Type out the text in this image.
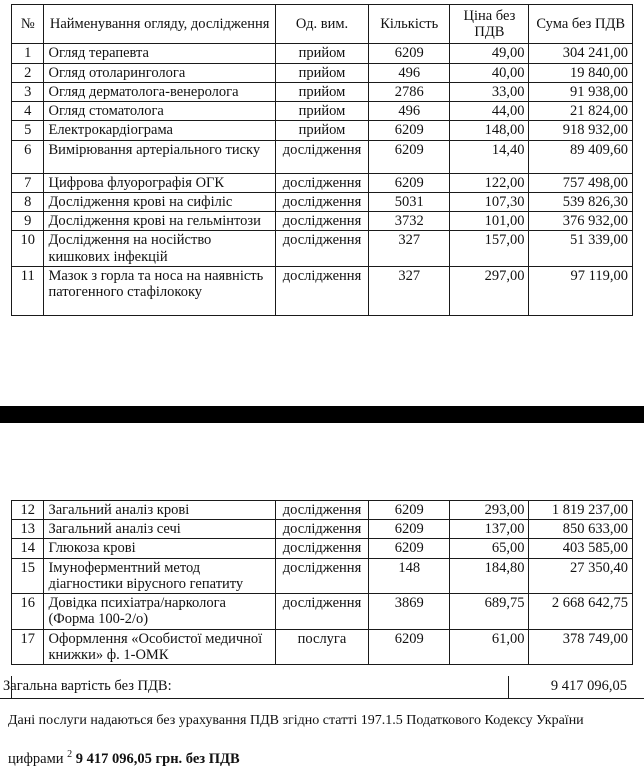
№	Найменування огляду, дослідження	Од. вим.	Кількість	Ціна без ПДВ	Сума без ПДВ
1	Огляд терапевта	прийом	6209	49,00	304 241,00
2	Огляд отоларинголога	прийом	496	40,00	19 840,00
3	Огляд дерматолога-венеролога	прийом	2786	33,00	91 938,00
4	Огляд стоматолога	прийом	496	44,00	21 824,00
5	Електрокардіограма	прийом	6209	148,00	918 932,00
6	Вимірювання артеріального тиску	дослідження	6209	14,40	89 409,60
7	Цифрова флуорографія ОГК	дослідження	6209	122,00	757 498,00
8	Дослідження крові на сифіліс	дослідження	5031	107,30	539 826,30
9	Дослідження крові на гельмінтози	дослідження	3732	101,00	376 932,00
10	Дослідження на носійство кишкових інфекцій	дослідження	327	157,00	51 339,00
11	Мазок з горла та носа на наявність патогенного стафілококу	дослідження	327	297,00	97 119,00
12	Загальний аналіз крові	дослідження	6209	293,00	1 819 237,00
13	Загальний аналіз сечі	дослідження	6209	137,00	850 633,00
14	Глюкоза крові	дослідження	6209	65,00	403 585,00
15	Імуноферментний метод діагностики вірусного гепатиту	дослідження	148	184,80	27 350,40
16	Довідка психіатра/нарколога (Форма 100-2/о)	дослідження	3869	689,75	2 668 642,75
17	Оформлення «Особистої медичної книжки» ф. 1-ОМК	послуга	6209	61,00	378 749,00
Загальна вартість без ПДВ:	9 417 096,05
Дані послуги надаються без урахування ПДВ згідно статті 197.1.5 Податкового Кодексу України
цифрами $^2$ 9 417 096,05 грн. без ПДВ
